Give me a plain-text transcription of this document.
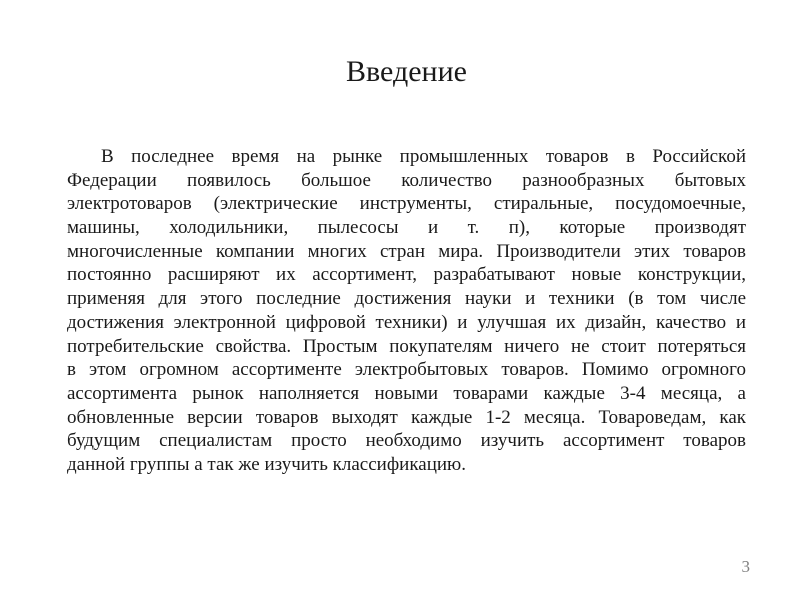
Введение
В последнее время на рынке промышленных товаров в Российской
Федерации появилось большое количество разнообразных бытовых
электротоваров (электрические инструменты, стиральные, посудомоечные,
машины, холодильники, пылесосы и т. п), которые производят
многочисленные компании многих стран мира. Производители этих товаров
постоянно расширяют их ассортимент, разрабатывают новые конструкции,
применяя для этого последние достижения науки и техники (в том числе
достижения электронной цифровой техники) и улучшая их дизайн, качество и
потребительские свойства. Простым покупателям ничего не стоит потеряться
в этом огромном ассортименте электробытовых товаров. Помимо огромного
ассортимента рынок наполняется новыми товарами каждые 3-4 месяца, а
обновленные версии товаров выходят каждые 1-2 месяца. Товароведам, как
будущим специалистам просто необходимо изучить ассортимент товаров
данной группы а так же изучить классификацию.
3
